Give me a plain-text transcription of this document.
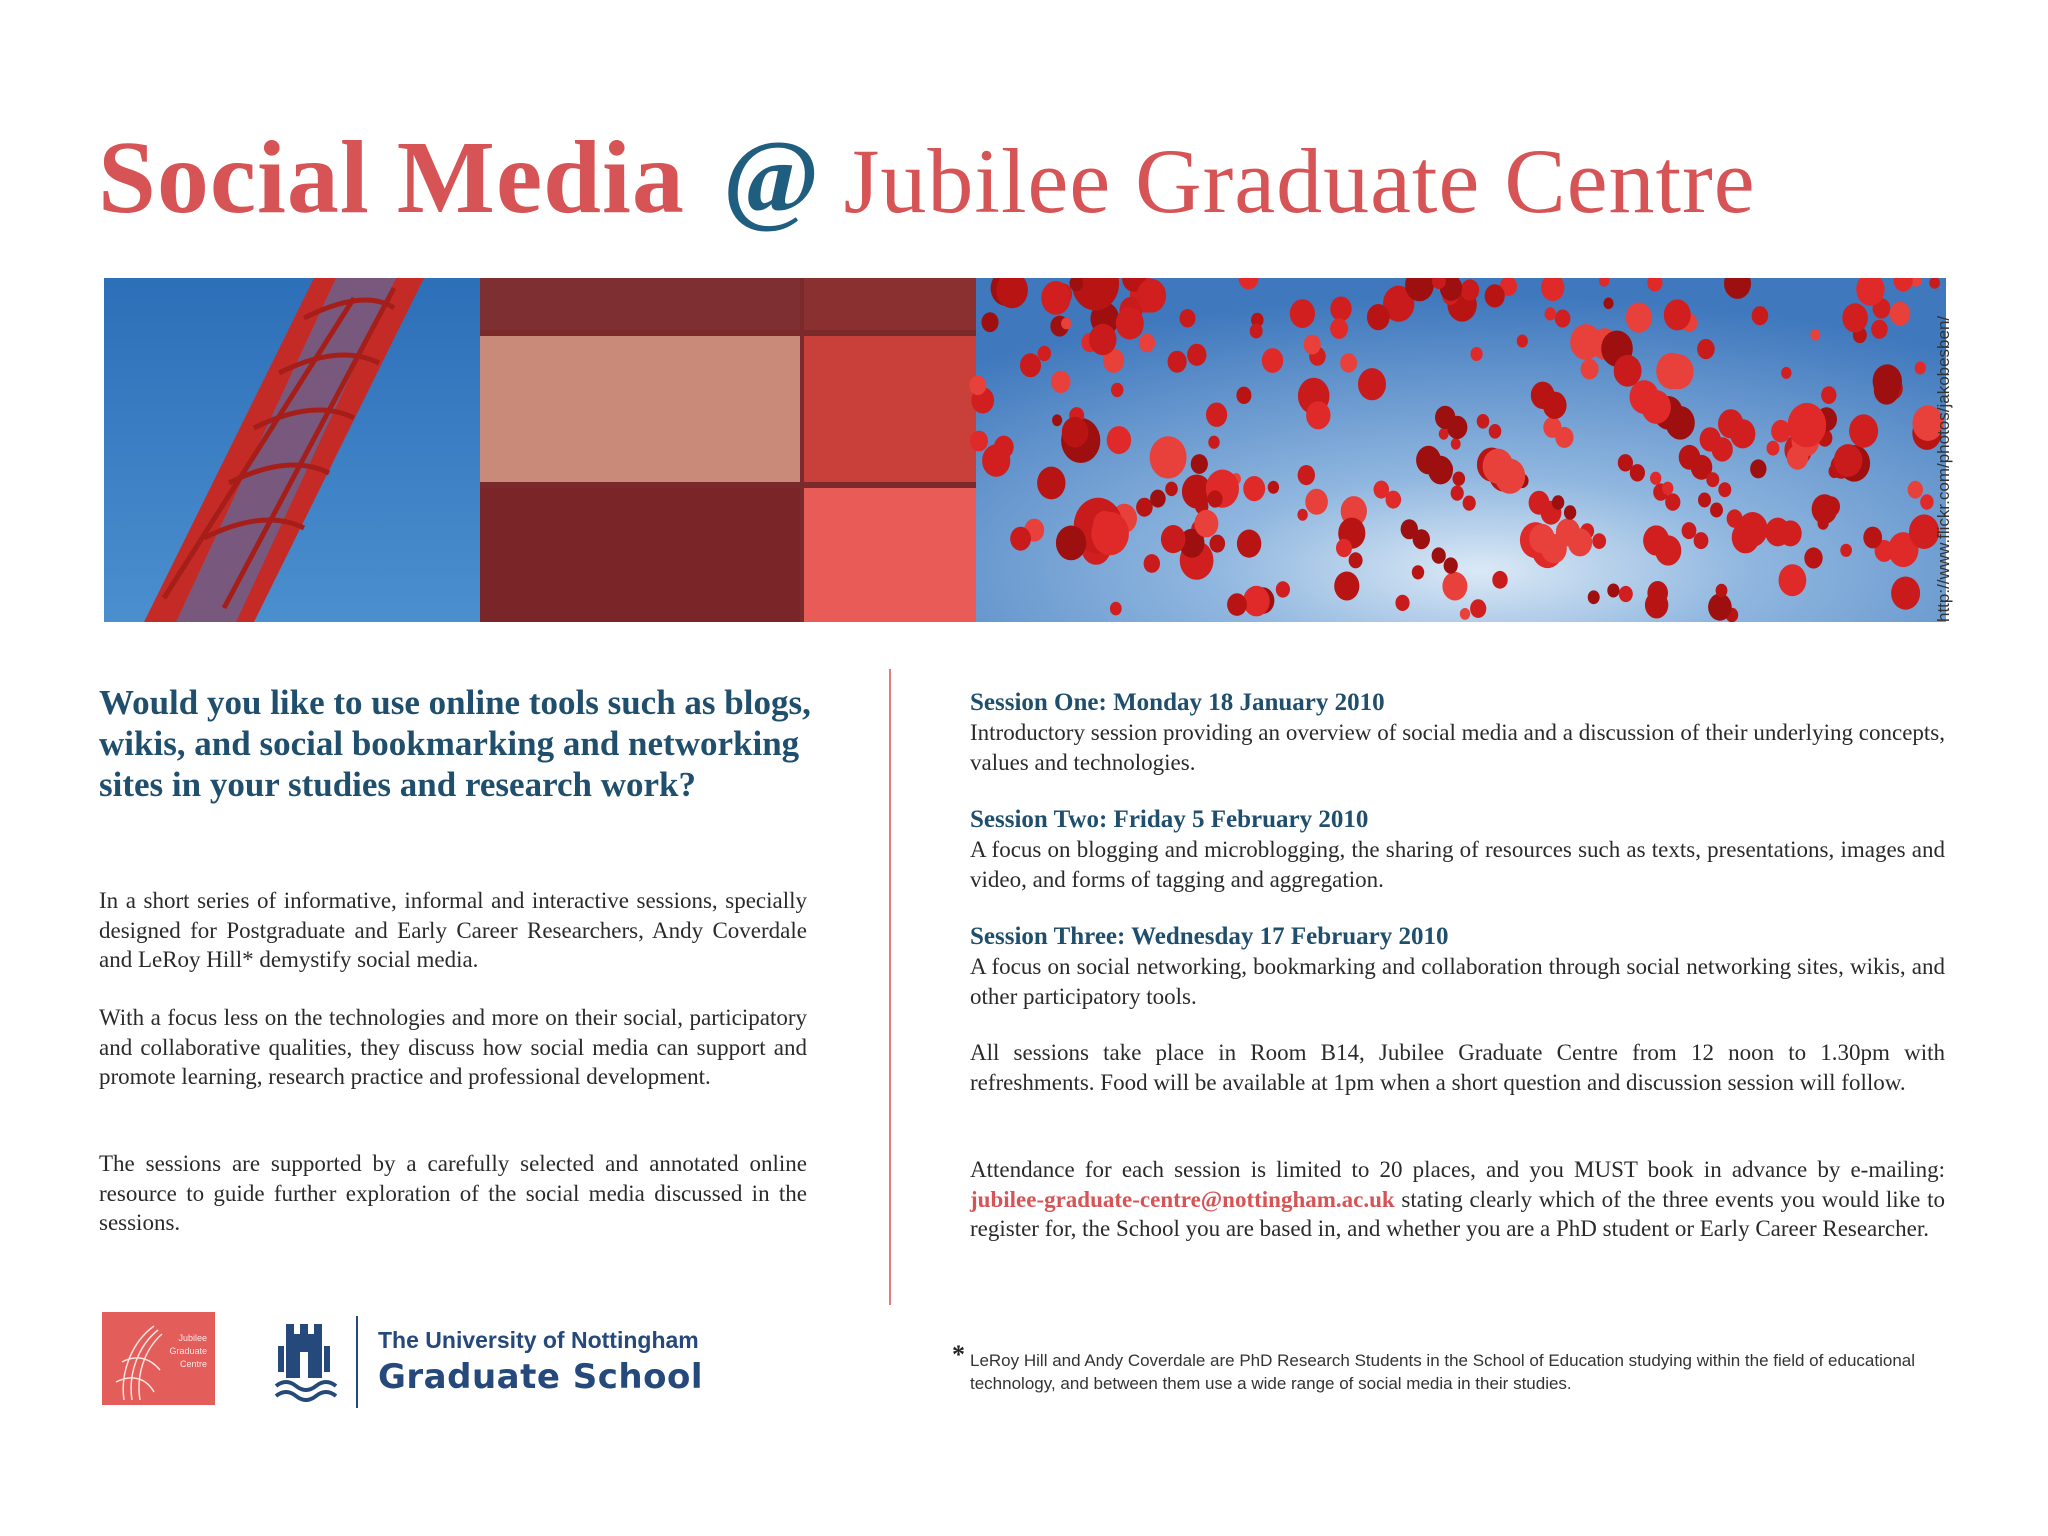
Social Media @ Jubilee Graduate Centre
http://www.flickr.com/photos/jakobesben/
Would you like to use online tools such as blogs, wikis, and social bookmarking and networking sites in your studies and research work?
In a short series of informative, informal and interactive sessions, specially designed for Postgraduate and Early Career Researchers, Andy Coverdale and LeRoy Hill* demystify social media.
With a focus less on the technologies and more on their social, participatory and collaborative qualities, they discuss how social media can support and promote learning, research practice and professional development.
The sessions are supported by a carefully selected and annotated online resource to guide further exploration of the social media discussed in the sessions.
Session One: Monday 18 January 2010
Introductory session providing an overview of social media and a discussion of their underlying concepts, values and technologies.
Session Two: Friday 5 February 2010
A focus on blogging and microblogging, the sharing of resources such as texts, presentations, images and video, and forms of tagging and aggregation.
Session Three: Wednesday 17 February 2010
A focus on social networking, bookmarking and collaboration through social networking sites, wikis, and other participatory tools.
All sessions take place in Room B14, Jubilee Graduate Centre from 12 noon to 1.30pm with refreshments. Food will be available at 1pm when a short question and discussion session will follow.
Attendance for each session is limited to 20 places, and you MUST book in advance by e-mailing: jubilee-graduate-centre@nottingham.ac.uk stating clearly which of the three events you would like to register for, the School you are based in, and whether you are a PhD student or Early Career Researcher.
Jubilee
Graduate
Centre
The University of Nottingham
Graduate School
* LeRoy Hill and Andy Coverdale are PhD Research Students in the School of Education studying within the field of educational technology, and between them use a wide range of social media in their studies.
